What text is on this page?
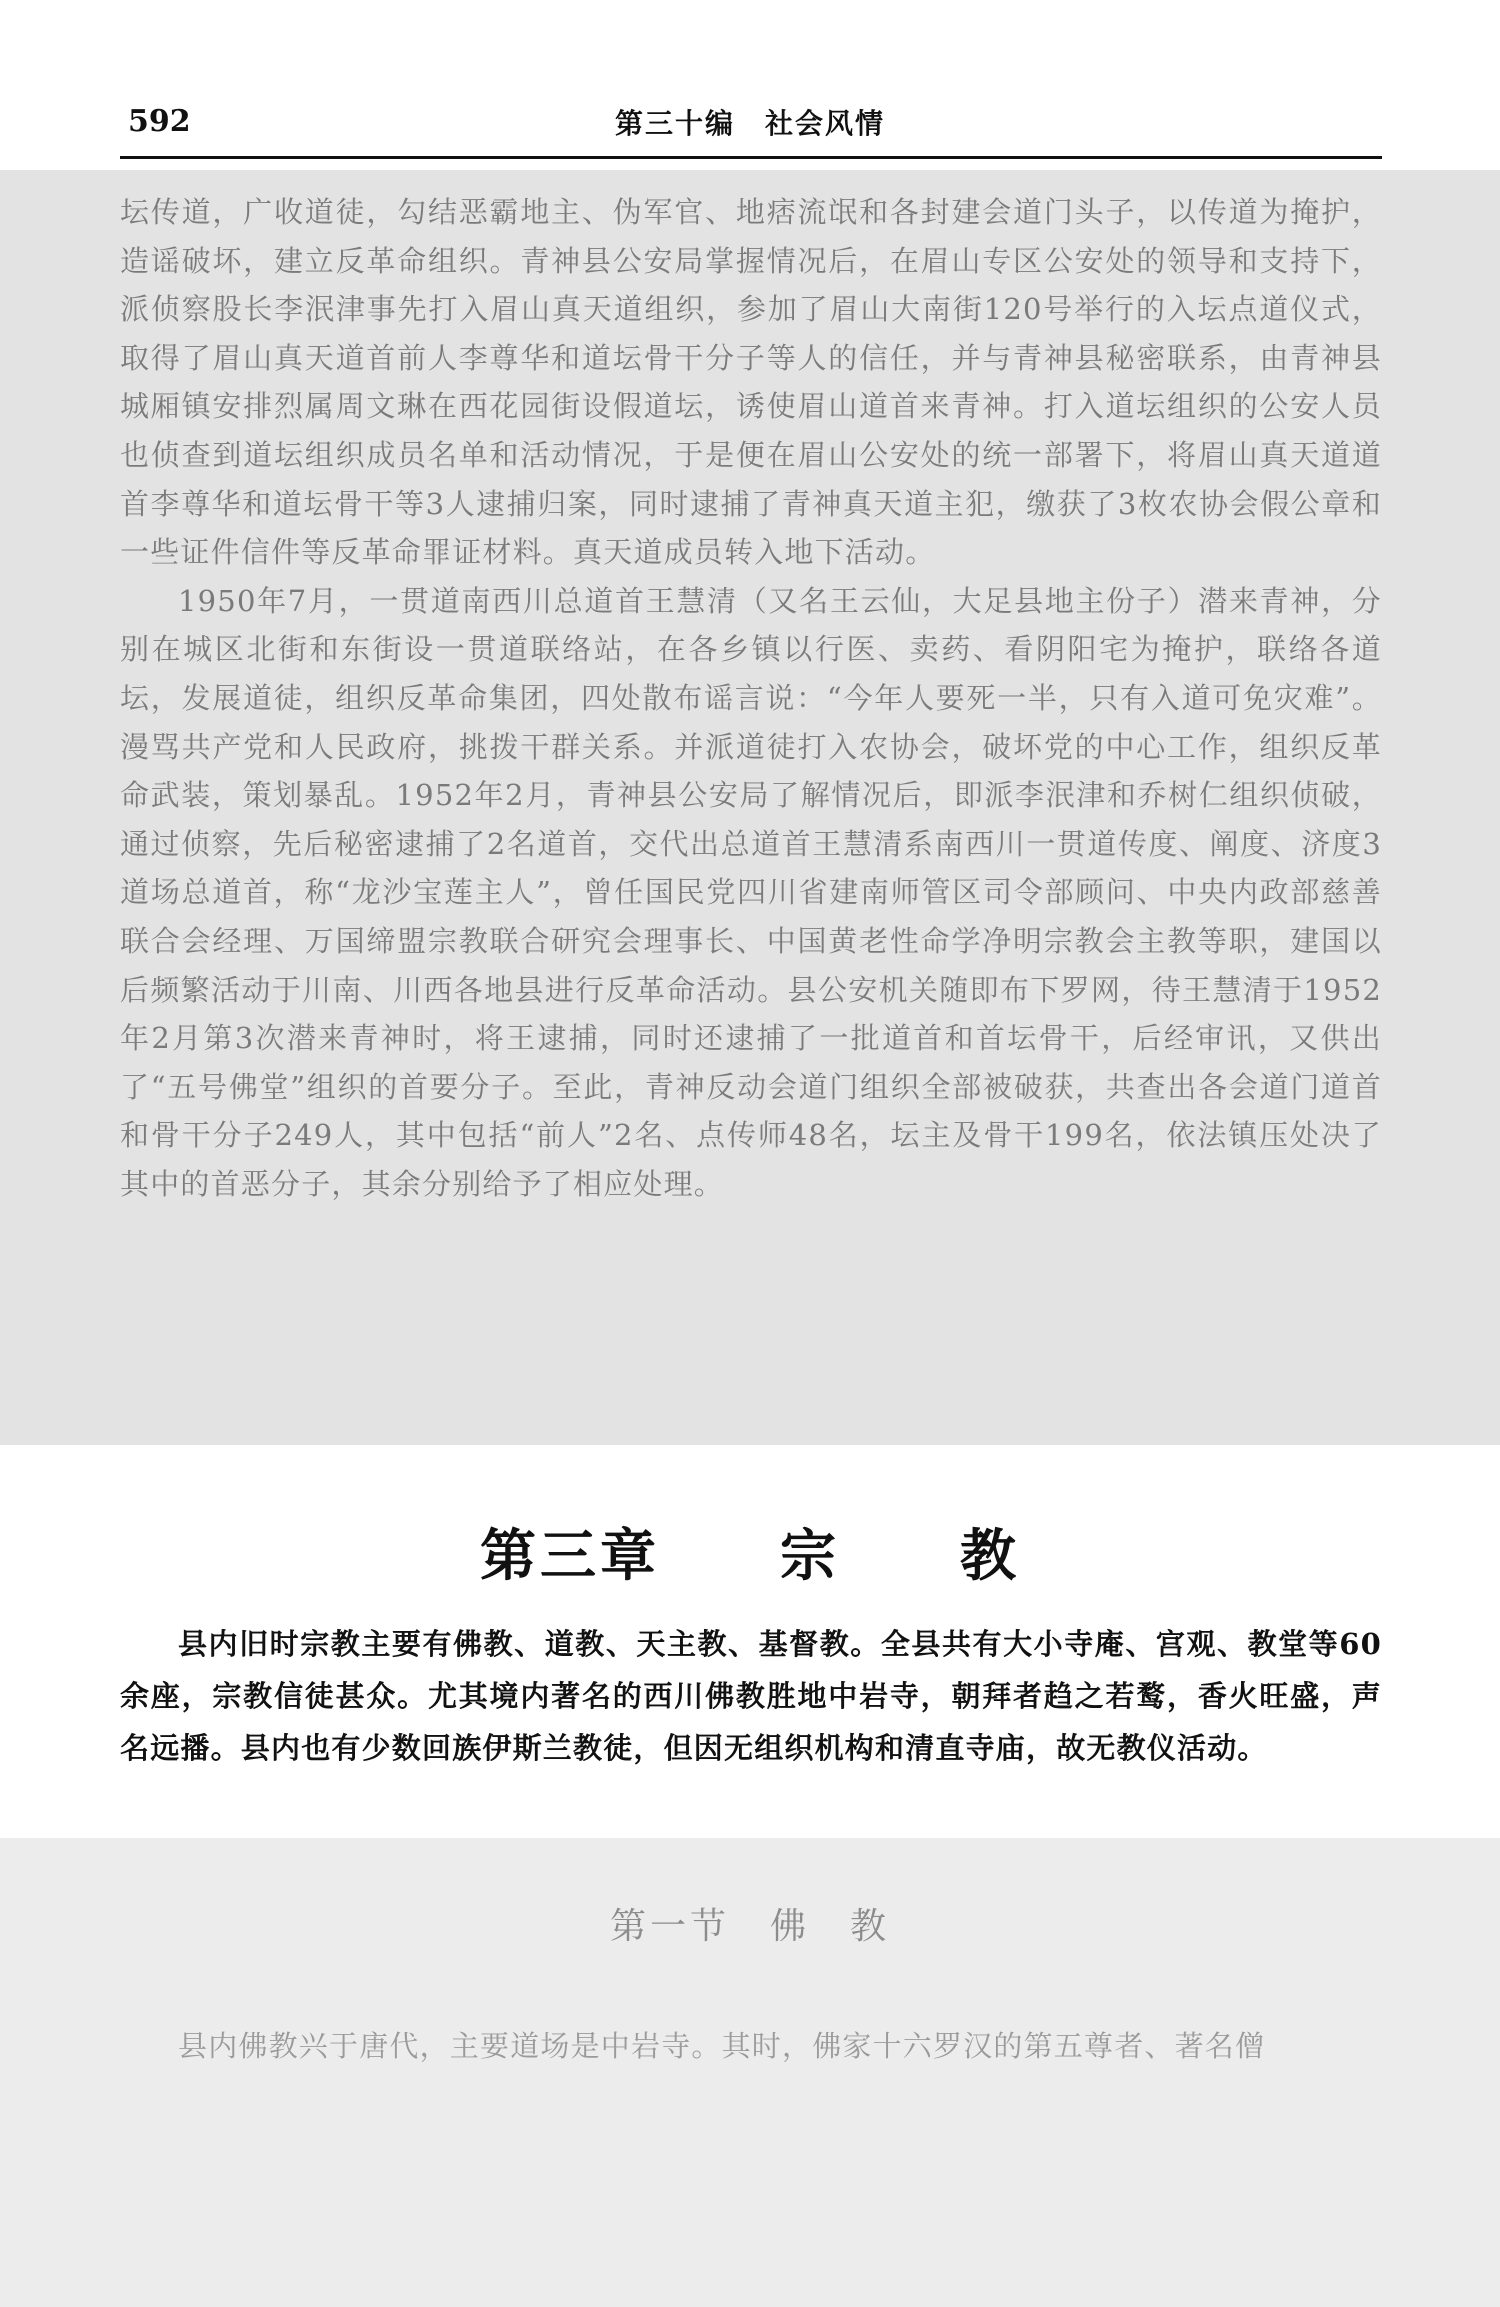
592	第三十编　社会风情

坛传道，广收道徒，勾结恶霸地主、伪军官、地痞流氓和各封建会道门头子，以传道为掩护，造谣破坏，建立反革命组织。青神县公安局掌握情况后，在眉山专区公安处的领导和支持下，派侦察股长李泯津事先打入眉山真天道组织，参加了眉山大南街120号举行的入坛点道仪式，取得了眉山真天道首前人李尊华和道坛骨干分子等人的信任，并与青神县秘密联系，由青神县城厢镇安排烈属周文琳在西花园街设假道坛，诱使眉山道首来青神。打入道坛组织的公安人员也侦查到道坛组织成员名单和活动情况，于是便在眉山公安处的统一部署下，将眉山真天道道首李尊华和道坛骨干等3人逮捕归案，同时逮捕了青神真天道主犯，缴获了3枚农协会假公章和一些证件信件等反革命罪证材料。真天道成员转入地下活动。

1950年7月，一贯道南西川总道首王慧清（又名王云仙，大足县地主份子）潜来青神，分别在城区北街和东街设一贯道联络站，在各乡镇以行医、卖药、看阴阳宅为掩护，联络各道坛，发展道徒，组织反革命集团，四处散布谣言说：“今年人要死一半，只有入道可免灾难”。漫骂共产党和人民政府，挑拨干群关系。并派道徒打入农协会，破坏党的中心工作，组织反革命武装，策划暴乱。1952年2月，青神县公安局了解情况后，即派李泯津和乔树仁组织侦破，通过侦察，先后秘密逮捕了2名道首，交代出总道首王慧清系南西川一贯道传度、阐度、济度3道场总道首，称“龙沙宝莲主人”，曾任国民党四川省建南师管区司令部顾问、中央内政部慈善联合会经理、万国缔盟宗教联合研究会理事长、中国黄老性命学净明宗教会主教等职，建国以后频繁活动于川南、川西各地县进行反革命活动。县公安机关随即布下罗网，待王慧清于1952年2月第3次潜来青神时，将王逮捕，同时还逮捕了一批道首和首坛骨干，后经审讯，又供出了“五号佛堂”组织的首要分子。至此，青神反动会道门组织全部被破获，共查出各会道门道首和骨干分子249人，其中包括“前人”2名、点传师48名，坛主及骨干199名，依法镇压处决了其中的首恶分子，其余分别给予了相应处理。

第三章　　宗　　教

县内旧时宗教主要有佛教、道教、天主教、基督教。全县共有大小寺庵、宫观、教堂等60余座，宗教信徒甚众。尤其境内著名的西川佛教胜地中岩寺，朝拜者趋之若鹜，香火旺盛，声名远播。县内也有少数回族伊斯兰教徒，但因无组织机构和清直寺庙，故无教仪活动。

第一节　佛　教

县内佛教兴于唐代，主要道场是中岩寺。其时，佛家十六罗汉的第五尊者、著名僧
